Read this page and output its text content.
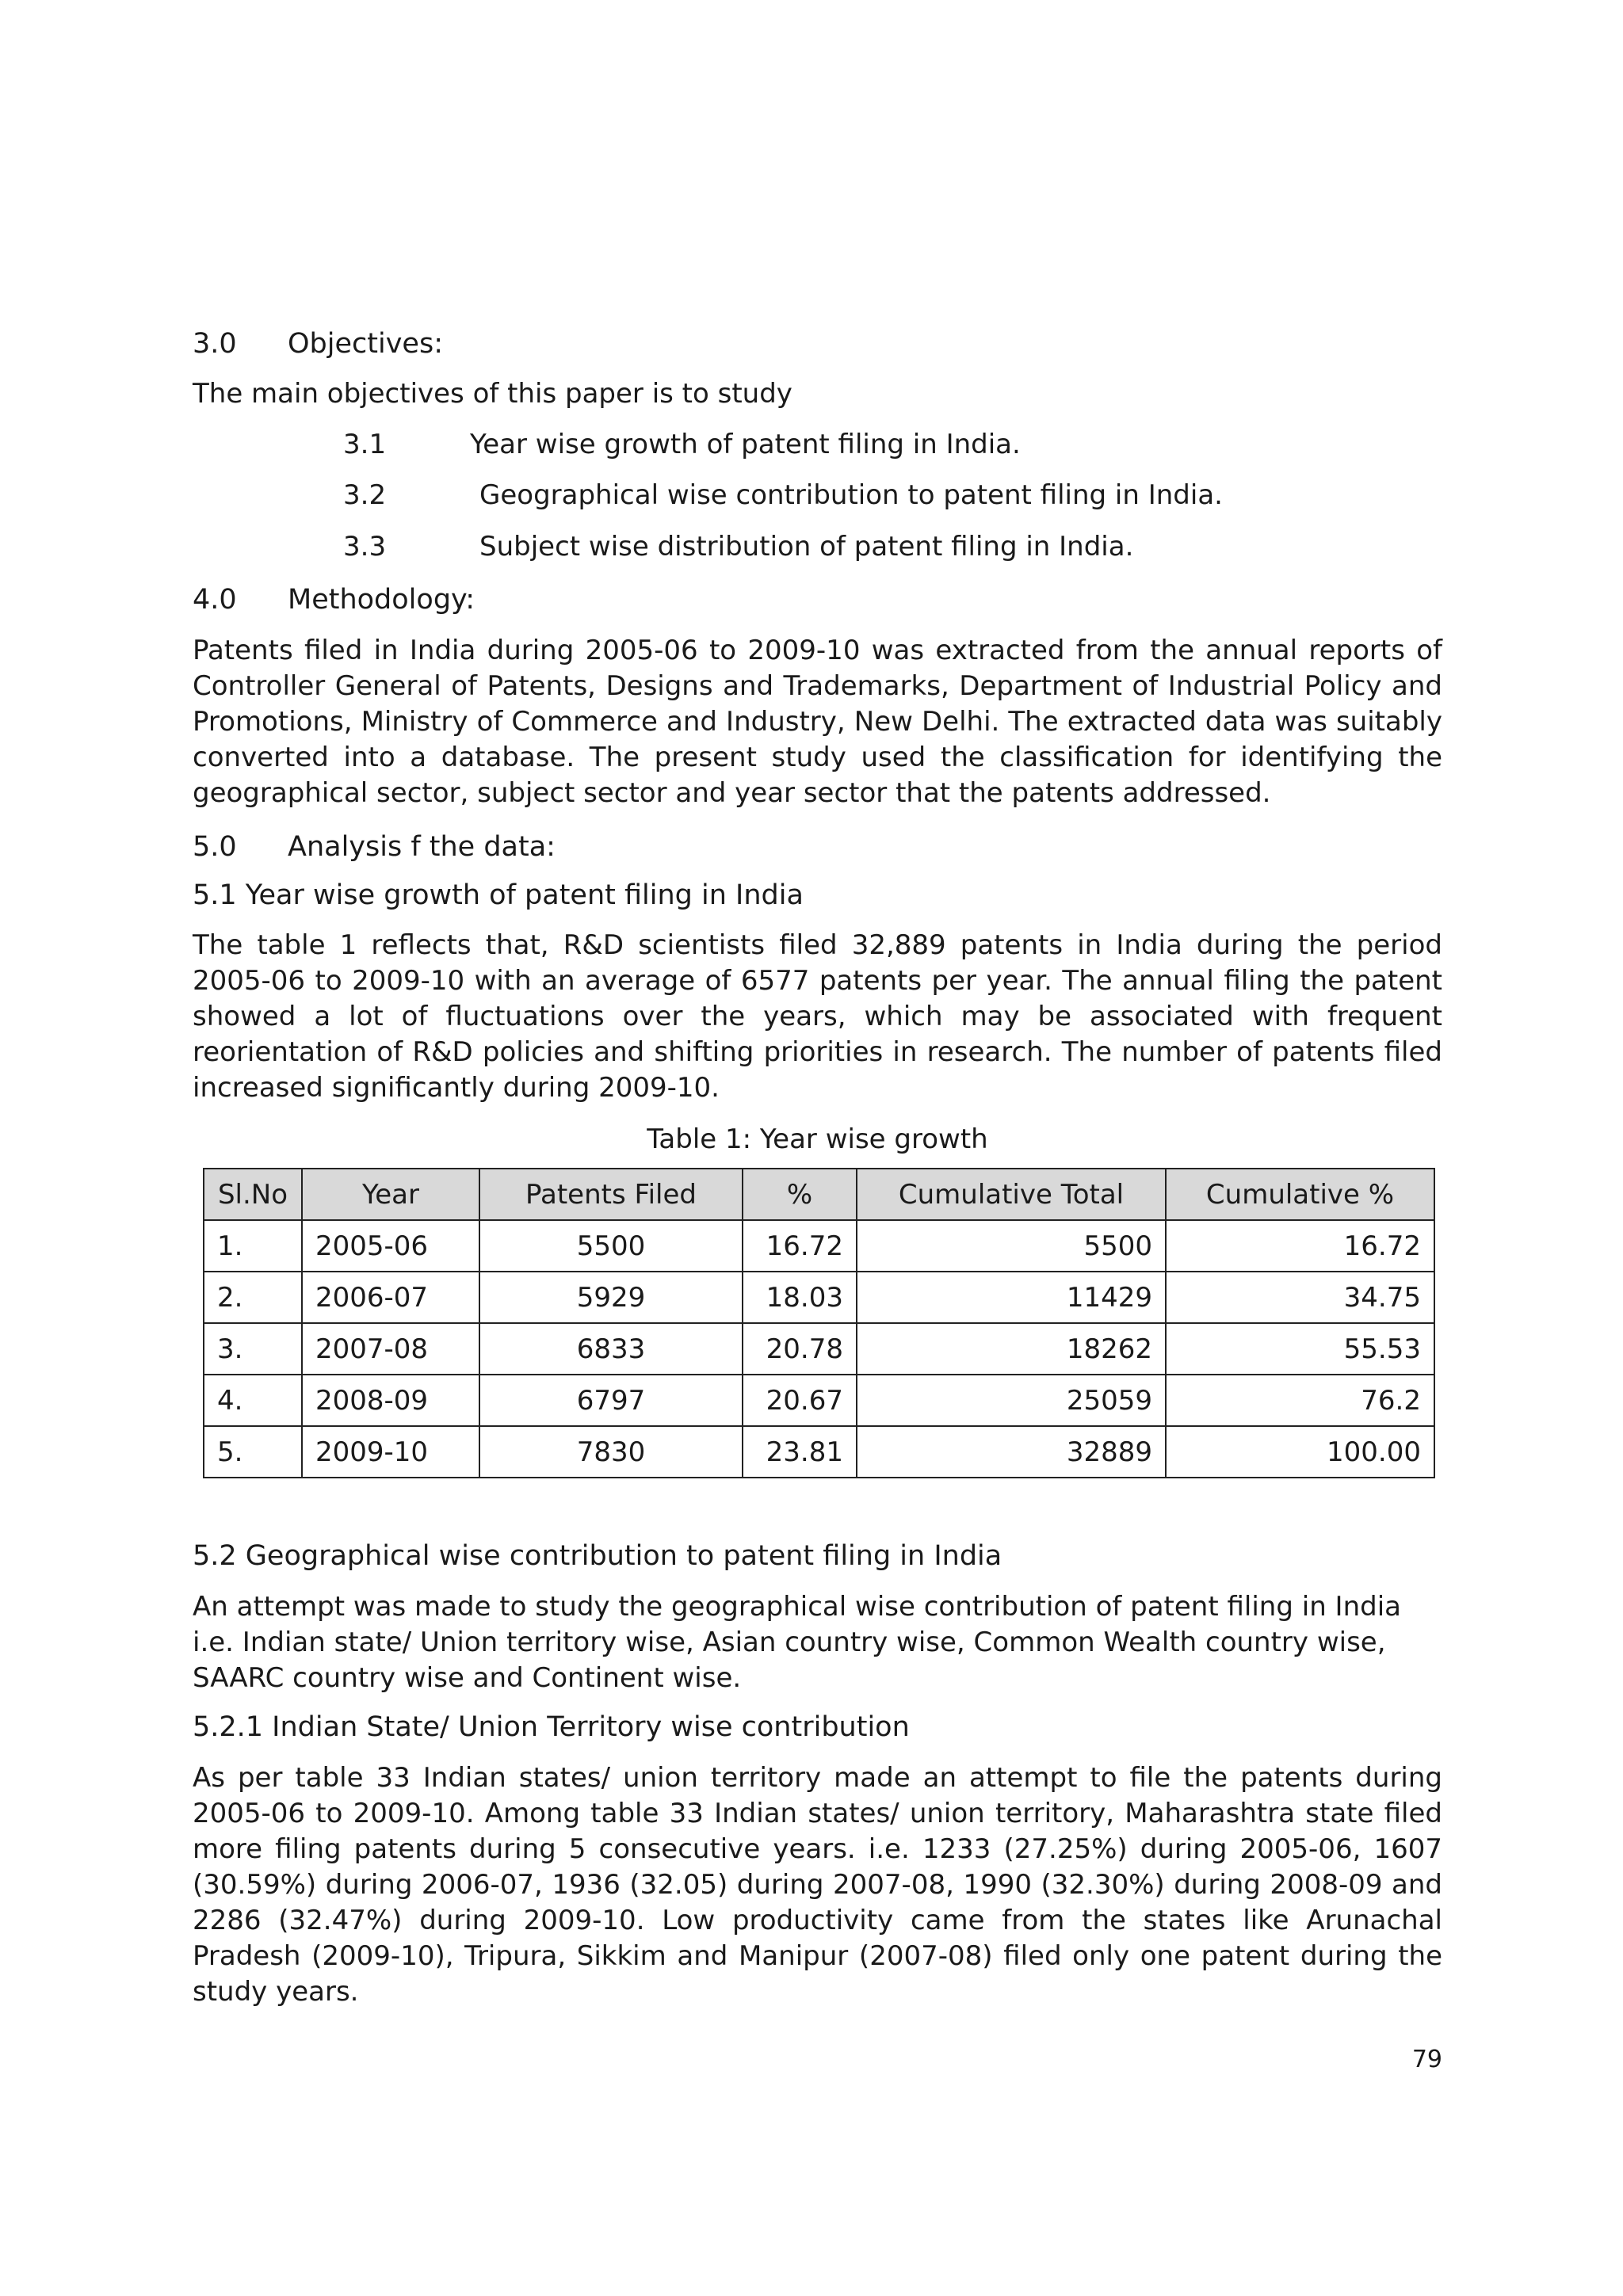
3.0 Objectives:
The main objectives of this paper is to study
3.1	Year wise growth of patent filing in India.
3.2	Geographical wise contribution to patent filing in India.
3.3	Subject wise distribution of patent filing in India.
4.0 Methodology:
Patents filed in India during 2005-06 to 2009-10 was extracted from the annual reports of Controller General of Patents, Designs and Trademarks, Department of Industrial Policy and Promotions, Ministry of Commerce and Industry, New Delhi. The extracted data was suitably converted into a database. The present study used the classification for identifying the geographical sector, subject sector and year sector that the patents addressed.
5.0 Analysis f the data:
5.1 Year wise growth of patent filing in India
The table 1 reflects that, R&D scientists filed 32,889 patents in India during the period 2005-06 to 2009-10 with an average of 6577 patents per year. The annual filing the patent showed a lot of fluctuations over the years, which may be associated with frequent reorientation of R&D policies and shifting priorities in research. The number of patents filed increased significantly during 2009-10.
Table 1: Year wise growth
Sl.No	Year	Patents Filed	%	Cumulative Total	Cumulative %
1.	2005-06	5500	16.72	5500	16.72
2.	2006-07	5929	18.03	11429	34.75
3.	2007-08	6833	20.78	18262	55.53
4.	2008-09	6797	20.67	25059	76.2
5.	2009-10	7830	23.81	32889	100.00
5.2 Geographical wise contribution to patent filing in India
An attempt was made to study the geographical wise contribution of patent filing in India i.e. Indian state/ Union territory wise, Asian country wise, Common Wealth country wise, SAARC country wise and Continent wise.
5.2.1 Indian State/ Union Territory wise contribution
As per table 33 Indian states/ union territory made an attempt to file the patents during 2005-06 to 2009-10. Among table 33 Indian states/ union territory, Maharashtra state filed more filing patents during 5 consecutive years. i.e. 1233 (27.25%) during 2005-06, 1607 (30.59%) during 2006-07, 1936 (32.05) during 2007-08, 1990 (32.30%) during 2008-09 and 2286 (32.47%) during 2009-10. Low productivity came from the states like Arunachal Pradesh (2009-10), Tripura, Sikkim and Manipur (2007-08) filed only one patent during the study years.
79
